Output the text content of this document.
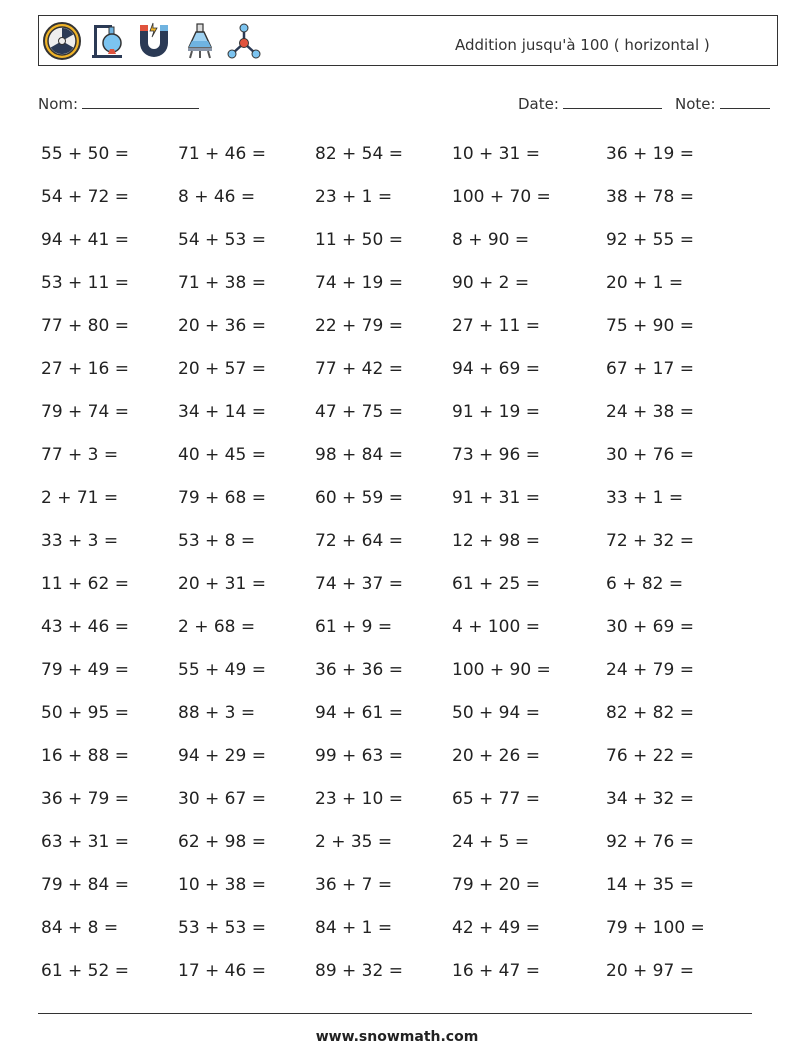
Addition jusqu'à 100 ( horizontal )
Nom:	Date:	Note:
55 + 50 =	71 + 46 =	82 + 54 =	10 + 31 =	36 + 19 =
54 + 72 =	8 + 46 =	23 + 1 =	100 + 70 =	38 + 78 =
94 + 41 =	54 + 53 =	11 + 50 =	8 + 90 =	92 + 55 =
53 + 11 =	71 + 38 =	74 + 19 =	90 + 2 =	20 + 1 =
77 + 80 =	20 + 36 =	22 + 79 =	27 + 11 =	75 + 90 =
27 + 16 =	20 + 57 =	77 + 42 =	94 + 69 =	67 + 17 =
79 + 74 =	34 + 14 =	47 + 75 =	91 + 19 =	24 + 38 =
77 + 3 =	40 + 45 =	98 + 84 =	73 + 96 =	30 + 76 =
2 + 71 =	79 + 68 =	60 + 59 =	91 + 31 =	33 + 1 =
33 + 3 =	53 + 8 =	72 + 64 =	12 + 98 =	72 + 32 =
11 + 62 =	20 + 31 =	74 + 37 =	61 + 25 =	6 + 82 =
43 + 46 =	2 + 68 =	61 + 9 =	4 + 100 =	30 + 69 =
79 + 49 =	55 + 49 =	36 + 36 =	100 + 90 =	24 + 79 =
50 + 95 =	88 + 3 =	94 + 61 =	50 + 94 =	82 + 82 =
16 + 88 =	94 + 29 =	99 + 63 =	20 + 26 =	76 + 22 =
36 + 79 =	30 + 67 =	23 + 10 =	65 + 77 =	34 + 32 =
63 + 31 =	62 + 98 =	2 + 35 =	24 + 5 =	92 + 76 =
79 + 84 =	10 + 38 =	36 + 7 =	79 + 20 =	14 + 35 =
84 + 8 =	53 + 53 =	84 + 1 =	42 + 49 =	79 + 100 =
61 + 52 =	17 + 46 =	89 + 32 =	16 + 47 =	20 + 97 =
www.snowmath.com
